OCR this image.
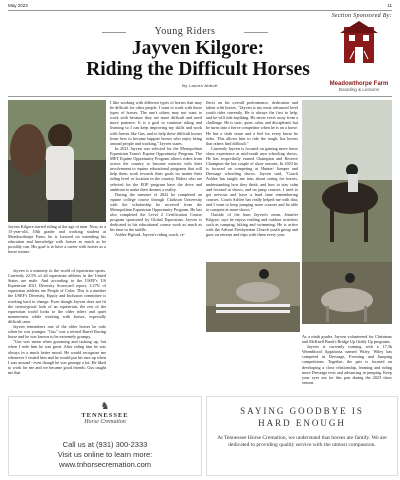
May 2023	11
Section Sponsored By:
Young Riders
Jayven Kilgore:
Riding the Difficult Horses
By Lauren Abbott	Meadowthorpe Farm
Boarding & Lessons
Jayven Kilgore started riding at the age of nine. Now, as a 15-year-old, 10th grader and working student at Meadowthorpe Farm, he is focused on extending his education and knowledge with horses as much as he possibly can. His goal is to have a career with horses as a horse trainer.

Jayven is a minority in the world of equestrian sports. Currently 22.5% of all equestrian athletes in the United States are male. And according to the USEF's US Equestrian 2021 Diversity Scorecard report, 3.27% of equestrian athletes are People of Color. This is a number the USEF's Diversity, Equity and Inclusion committee is working hard to change. Even though Jayven does not fit the stereotypical look of an equestrian, the rest of the equestrian world looks to the older riders and quiet mannerisms while working with horses, especially difficult ones.

Jayven remembers one of the older horses he rode when he was younger. "Gus" was a retired Barrel Racing horse and he was known to be extremely grumpy.

"Gus was mean when grooming and tacking up, but when I rode him he was great. After riding him he was always in a much better mood. He would recognize me whenever I visited him and he would put his ears up when I was around - even though he was grumpy a lot. He liked to work for me and we became good friends. Gus taught me that

I like working with different types of horses that may be difficult for other people. I want to work with those types of horses. The one's others may not want to work with because they are more difficult and need more patience. It is a goal to continue riding and learning so I can keep improving my skills and work with horses like Gus, and to help these difficult horses learn how to become happier horses who enjoy being around people and working," Jayven states.

In 2021 Jayven was selected for the Metropolitan Equestrian Team's Equine Opportunity Program. The MET Equine Opportunity Program allows riders from across the country to become exterior with their involvement to equine educational programs that will help them work towards their goals no matter their riding level or location in the country. Riders who are selected for the EOP program have the drive and ambition to make their dreams a reality.

During the summer of 2022 he completed an equine college course through Clarkson University with the scholarship he received from the Metropolitan Equestrian Opportunity Program. He has also completed the Level 2 Certification Course program sponsored by Global Equestrian. Jayven is dedicated to his educational course work as much as his time in the saddle.

Ashlee Pigford, Jayven's riding coach, re-

flects on his overall performance, dedication and talent with horses. "Jayven is my most advanced level youth rider currently. He is always the first to help, and he will ride anything. He never veers away from a challenge. He is stoic, quiet, calm, and disciplined, but he turns into a fierce competitor when he is on a horse. He has a sixth sense and a feel for every horse he rides. This allows him to ride the tough, hot horses that others find difficult."

Currently Jayven is focused on gaining more horse show experience at mid-south area schooling shows. He has respectfully earned Champion and Reserve Champion the last couple of show seasons. In 2023 he is focused on competing at Hunter/ Jumper and Dressage schooling shows. Jayven said, "Coach Ashlee has taught me tons about caring for horses, understanding how they think, and how to stay calm and focused at shows, and on jump courses. I used to get nervous and have a hard time remembering courses. Coach Ashlee has really helped me with that, and I want to keep jumping more courses and be able to compete at more shows."

Outside of the barn Jayven's mom, Jennifer Kilgore, says he enjoys reading and outdoor activities such as camping, hiking and swimming. He is active with the Advent Presbyterian Church youth group and goes on retreats and trips with them every year.

As a ninth grader, Jayven volunteered for Christmas and McKnell Banit's Bridge Up Giddy Up programs.

Jayven is currently training with a 17.3h Warmblood Appaloosa named Wiley. Wiley has competed in Dressage, Eventing and Jumping competitions. Together, the pair is focused on developing a close relationship, learning and riding more Dressage tests and advancing in jumping. Keep your eyes out for this pair during the 2023 show season.

♞
TENNESSEE
Horse Cremation
Call us at (931) 300-2333
Visit us online to learn more:
www.tnhorsecremation.com
SAYING GOODBYE IS
HARD ENOUGH
At Tennessee Horse Cremation, we understand that horses are family. We are dedicated to providing quality service with the utmost compassion.
